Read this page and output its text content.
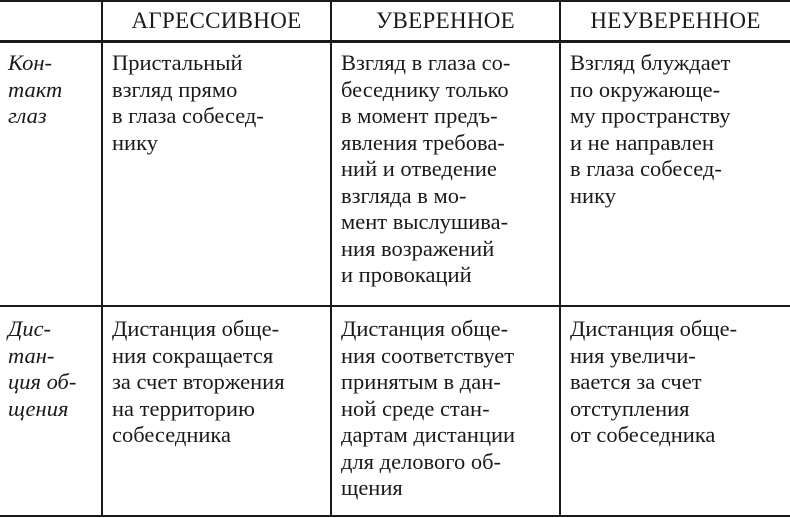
АГРЕССИВНОЕ	УВЕРЕННОЕ	НЕУВЕРЕННОЕ
Кон-
такт
глаз
Пристальный
взгляд прямо
в глаза собесед-
нику
Взгляд в глаза со-
беседнику только
в момент предъ-
явления требова-
ний и отведение
взгляда в мо-
мент выслушива-
ния возражений
и провокаций
Взгляд блуждает
по окружающе-
му пространству
и не направлен
в глаза собесед-
нику
Дис-
тан-
ция об-
щения
Дистанция обще-
ния сокращается
за счет вторжения
на территорию
собеседника
Дистанция обще-
ния соответствует
принятым в дан-
ной среде стан-
дартам дистанции
для делового об-
щения
Дистанция обще-
ния увеличи-
вается за счет
отступления
от собеседника
